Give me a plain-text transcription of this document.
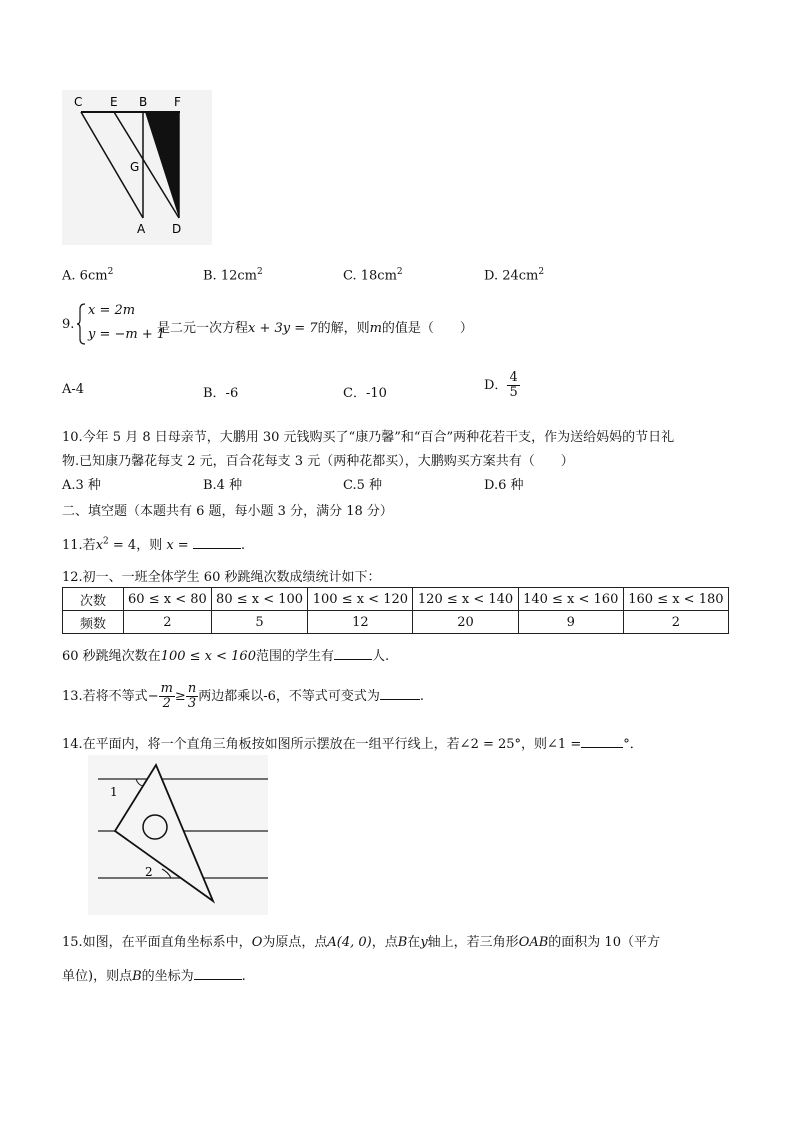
C E B F
G
A D
A. $6cm^2$	B. $12cm^2$	C. $18cm^2$	D. $24cm^2$
9.
x = 2m
y = −m + 1
是二元一次方程x + 3y = 7的解，则m的值是（　　）
A-4	B．-6	C．-10
D． $\frac{4}{5}$
10.今年 5 月 8 日母亲节，大鹏用 30 元钱购买了“康乃馨”和“百合”两种花若干支，作为送给妈妈的节日礼
物.已知康乃馨花每支 2 元，百合花每支 3 元（两种花都买），大鹏购买方案共有（　　）
A.3 种	B.4 种	C.5 种	D.6 种
二、填空题（本题共有 6 题，每小题 3 分，满分 18 分）
11.若$x^2 = 4$，则 x =	.
12.初一、一班全体学生 60 秒跳绳次数成绩统计如下：
次数	60 ≤ x < 80	80 ≤ x < 100	100 ≤ x < 120	120 ≤ x < 140	140 ≤ x < 160	160 ≤ x < 180
频数	2	5	12	20	9	2
60 秒跳绳次数在100 ≤ x < 160范围的学生有	人.
13.若将不等式− $\frac{m}{2} \ge \frac{n}{3}$ 两边都乘以-6，不等式可变式为	.
14.在平面内，将一个直角三角板按如图所示摆放在一组平行线上，若∠2 = 25°，则∠1 =	°．
1
2
15.如图，在平面直角坐标系中，O为原点，点A(4, 0)，点B在y轴上，若三角形OAB的面积为 10（平方
单位)，则点B的坐标为	.
